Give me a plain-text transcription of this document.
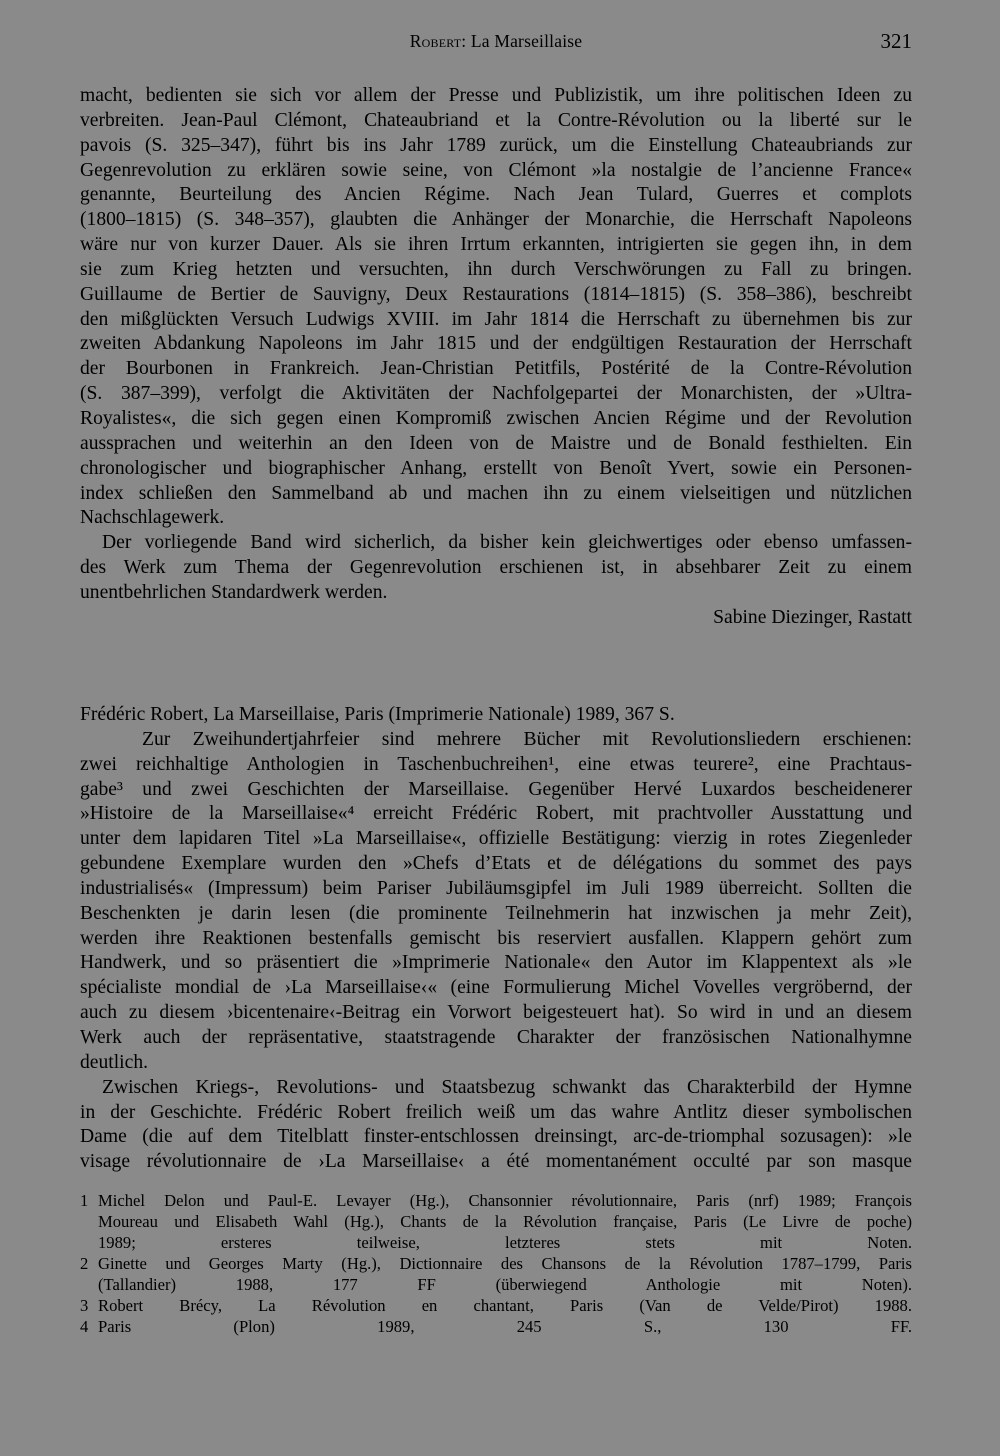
Robert: La Marseillaise	321
macht, bedienten sie sich vor allem der Presse und Publizistik, um ihre politischen Ideen zu
verbreiten. Jean-Paul Clémont, Chateaubriand et la Contre-Révolution ou la liberté sur le
pavois (S. 325–347), führt bis ins Jahr 1789 zurück, um die Einstellung Chateaubriands zur
Gegenrevolution zu erklären sowie seine, von Clémont »la nostalgie de l’ancienne France«
genannte, Beurteilung des Ancien Régime. Nach Jean Tulard, Guerres et complots
(1800–1815) (S. 348–357), glaubten die Anhänger der Monarchie, die Herrschaft Napoleons
wäre nur von kurzer Dauer. Als sie ihren Irrtum erkannten, intrigierten sie gegen ihn, in dem
sie zum Krieg hetzten und versuchten, ihn durch Verschwörungen zu Fall zu bringen.
Guillaume de Bertier de Sauvigny, Deux Restaurations (1814–1815) (S. 358–386), beschreibt
den mißglückten Versuch Ludwigs XVIII. im Jahr 1814 die Herrschaft zu übernehmen bis zur
zweiten Abdankung Napoleons im Jahr 1815 und der endgültigen Restauration der Herrschaft
der Bourbonen in Frankreich. Jean-Christian Petitfils, Postérité de la Contre-Révolution
(S. 387–399), verfolgt die Aktivitäten der Nachfolgepartei der Monarchisten, der »Ultra-
Royalistes«, die sich gegen einen Kompromiß zwischen Ancien Régime und der Revolution
aussprachen und weiterhin an den Ideen von de Maistre und de Bonald festhielten. Ein
chronologischer und biographischer Anhang, erstellt von Benoît Yvert, sowie ein Personen-
index schließen den Sammelband ab und machen ihn zu einem vielseitigen und nützlichen
Nachschlagewerk.
Der vorliegende Band wird sicherlich, da bisher kein gleichwertiges oder ebenso umfassen-
des Werk zum Thema der Gegenrevolution erschienen ist, in absehbarer Zeit zu einem
unentbehrlichen Standardwerk werden.
Sabine Diezinger, Rastatt
Frédéric Robert, La Marseillaise, Paris (Imprimerie Nationale) 1989, 367 S.
Zur Zweihundertjahrfeier sind mehrere Bücher mit Revolutionsliedern erschienen:
zwei reichhaltige Anthologien in Taschenbuchreihen¹, eine etwas teurere², eine Prachtaus-
gabe³ und zwei Geschichten der Marseillaise. Gegenüber Hervé Luxardos bescheidenerer
»Histoire de la Marseillaise«⁴ erreicht Frédéric Robert, mit prachtvoller Ausstattung und
unter dem lapidaren Titel »La Marseillaise«, offizielle Bestätigung: vierzig in rotes Ziegenleder
gebundene Exemplare wurden den »Chefs d’Etats et de délégations du sommet des pays
industrialisés« (Impressum) beim Pariser Jubiläumsgipfel im Juli 1989 überreicht. Sollten die
Beschenkten je darin lesen (die prominente Teilnehmerin hat inzwischen ja mehr Zeit),
werden ihre Reaktionen bestenfalls gemischt bis reserviert ausfallen. Klappern gehört zum
Handwerk, und so präsentiert die »Imprimerie Nationale« den Autor im Klappentext als »le
spécialiste mondial de ›La Marseillaise‹« (eine Formulierung Michel Vovelles vergröbernd, der
auch zu diesem ›bicentenaire‹-Beitrag ein Vorwort beigesteuert hat). So wird in und an diesem
Werk auch der repräsentative, staatstragende Charakter der französischen Nationalhymne
deutlich.
Zwischen Kriegs-, Revolutions- und Staatsbezug schwankt das Charakterbild der Hymne
in der Geschichte. Frédéric Robert freilich weiß um das wahre Antlitz dieser symbolischen
Dame (die auf dem Titelblatt finster-entschlossen dreinsingt, arc-de-triomphal sozusagen): »le
visage révolutionnaire de ›La Marseillaise‹ a été momentanément occulté par son masque
1 Michel Delon und Paul-E. Levayer (Hg.), Chansonnier révolutionnaire, Paris (nrf) 1989; François
Moureau und Elisabeth Wahl (Hg.), Chants de la Révolution française, Paris (Le Livre de poche)
1989; ersteres teilweise, letzteres stets mit Noten.
2 Ginette und Georges Marty (Hg.), Dictionnaire des Chansons de la Révolution 1787–1799, Paris
(Tallandier) 1988, 177 FF (überwiegend Anthologie mit Noten).
3 Robert Brécy, La Révolution en chantant, Paris (Van de Velde/Pirot) 1988.
4 Paris (Plon) 1989, 245 S., 130 FF.
